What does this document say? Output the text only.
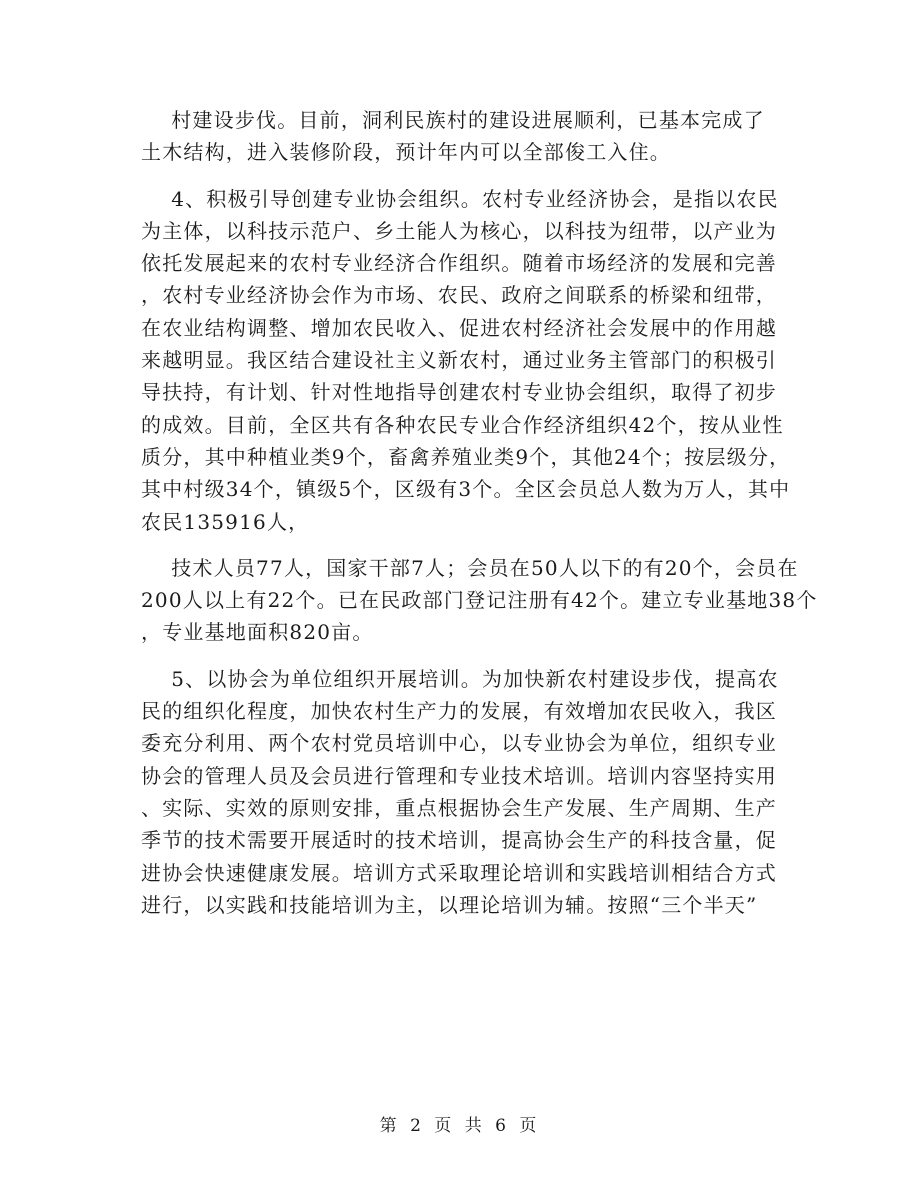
村建设步伐。目前，洞利民族村的建设进展顺利，已基本完成了
土木结构，进入装修阶段，预计年内可以全部俊工入住。
4、积极引导创建专业协会组织。农村专业经济协会，是指以农民
为主体，以科技示范户、乡土能人为核心，以科技为纽带，以产业为
依托发展起来的农村专业经济合作组织。随着市场经济的发展和完善
，农村专业经济协会作为市场、农民、政府之间联系的桥梁和纽带，
在农业结构调整、增加农民收入、促进农村经济社会发展中的作用越
来越明显。我区结合建设社主义新农村，通过业务主管部门的积极引
导扶持，有计划、针对性地指导创建农村专业协会组织，取得了初步
的成效。目前，全区共有各种农民专业合作经济组织42个，按从业性
质分，其中种植业类9个，畜禽养殖业类9个，其他24个；按层级分，
其中村级34个，镇级5个，区级有3个。全区会员总人数为万人，其中
农民135916人，
技术人员77人，国家干部7人；会员在50人以下的有20个，会员在
200人以上有22个。已在民政部门登记注册有42个。建立专业基地38个
，专业基地面积820亩。
5、以协会为单位组织开展培训。为加快新农村建设步伐，提高农
民的组织化程度，加快农村生产力的发展，有效增加农民收入，我区
委充分利用、两个农村党员培训中心，以专业协会为单位，组织专业
协会的管理人员及会员进行管理和专业技术培训。培训内容坚持实用
、实际、实效的原则安排，重点根据协会生产发展、生产周期、生产
季节的技术需要开展适时的技术培训，提高协会生产的科技含量，促
进协会快速健康发展。培训方式采取理论培训和实践培训相结合方式
进行，以实践和技能培训为主，以理论培训为辅。按照“三个半天”
第 2 页 共 6 页
